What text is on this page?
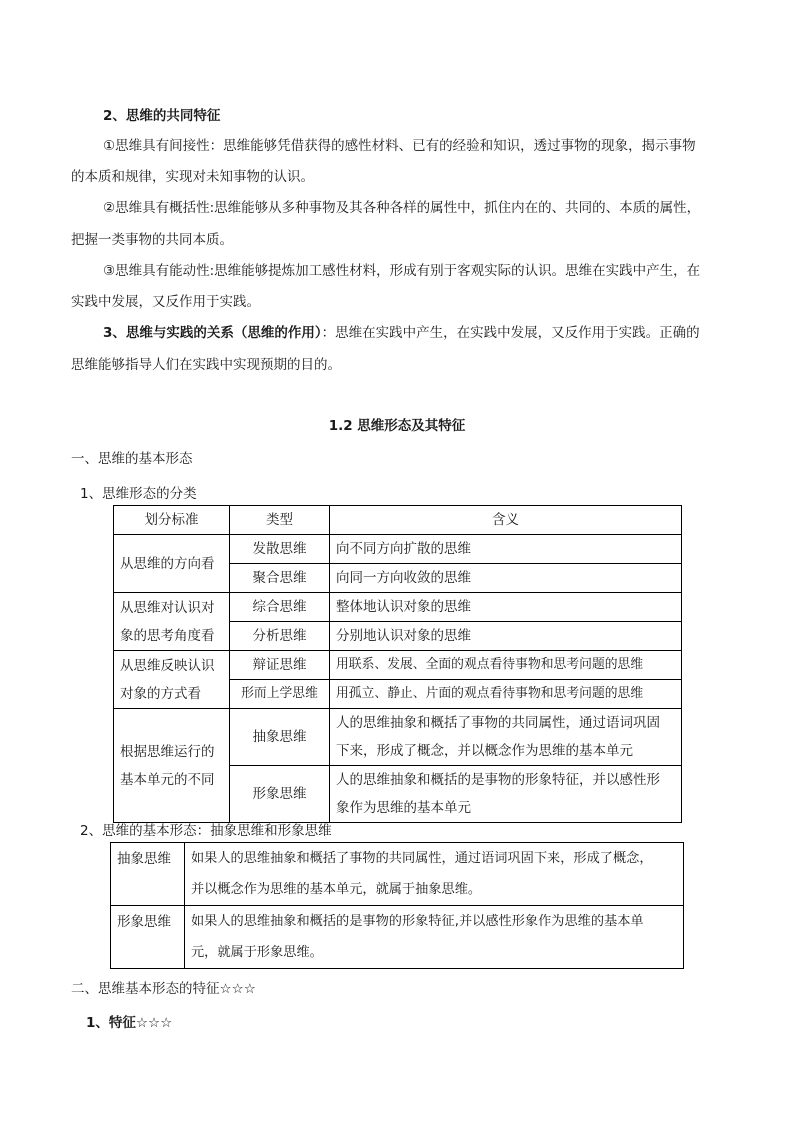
2、思维的共同特征

①思维具有间接性：思维能够凭借获得的感性材料、已有的经验和知识，透过事物的现象，揭示事物

的本质和规律，实现对未知事物的认识。

②思维具有概括性:思维能够从多种事物及其各种各样的属性中，抓住内在的、共同的、本质的属性，

把握一类事物的共同本质。

③思维具有能动性:思维能够提炼加工感性材料，形成有别于客观实际的认识。思维在实践中产生，在

实践中发展，又反作用于实践。

3、思维与实践的关系（思维的作用）：思维在实践中产生，在实践中发展，又反作用于实践。正确的

思维能够指导人们在实践中实现预期的目的。

1.2 思维形态及其特征

一、思维的基本形态

1、思维形态的分类

划分标准	类型	含义
从思维的方向看	发散思维	向不同方向扩散的思维
	聚合思维	向同一方向收敛的思维
从思维对认识对
象的思考角度看	综合思维	整体地认识对象的思维
	分析思维	分别地认识对象的思维
从思维反映认识
对象的方式看	辩证思维	用联系、发展、全面的观点看待事物和思考问题的思维
	形而上学思维	用孤立、静止、片面的观点看待事物和思考问题的思维
根据思维运行的
基本单元的不同	抽象思维	人的思维抽象和概括了事物的共同属性，通过语词巩固
下来，形成了概念，并以概念作为思维的基本单元
	形象思维	人的思维抽象和概括的是事物的形象特征，并以感性形
象作为思维的基本单元

2、思维的基本形态：抽象思维和形象思维

抽象思维	如果人的思维抽象和概括了事物的共同属性，通过语词巩固下来，形成了概念，
并以概念作为思维的基本单元，就属于抽象思维。
形象思维	如果人的思维抽象和概括的是事物的形象特征,并以感性形象作为思维的基本单
元，就属于形象思维。

二、思维基本形态的特征☆☆☆

1、特征☆☆☆
